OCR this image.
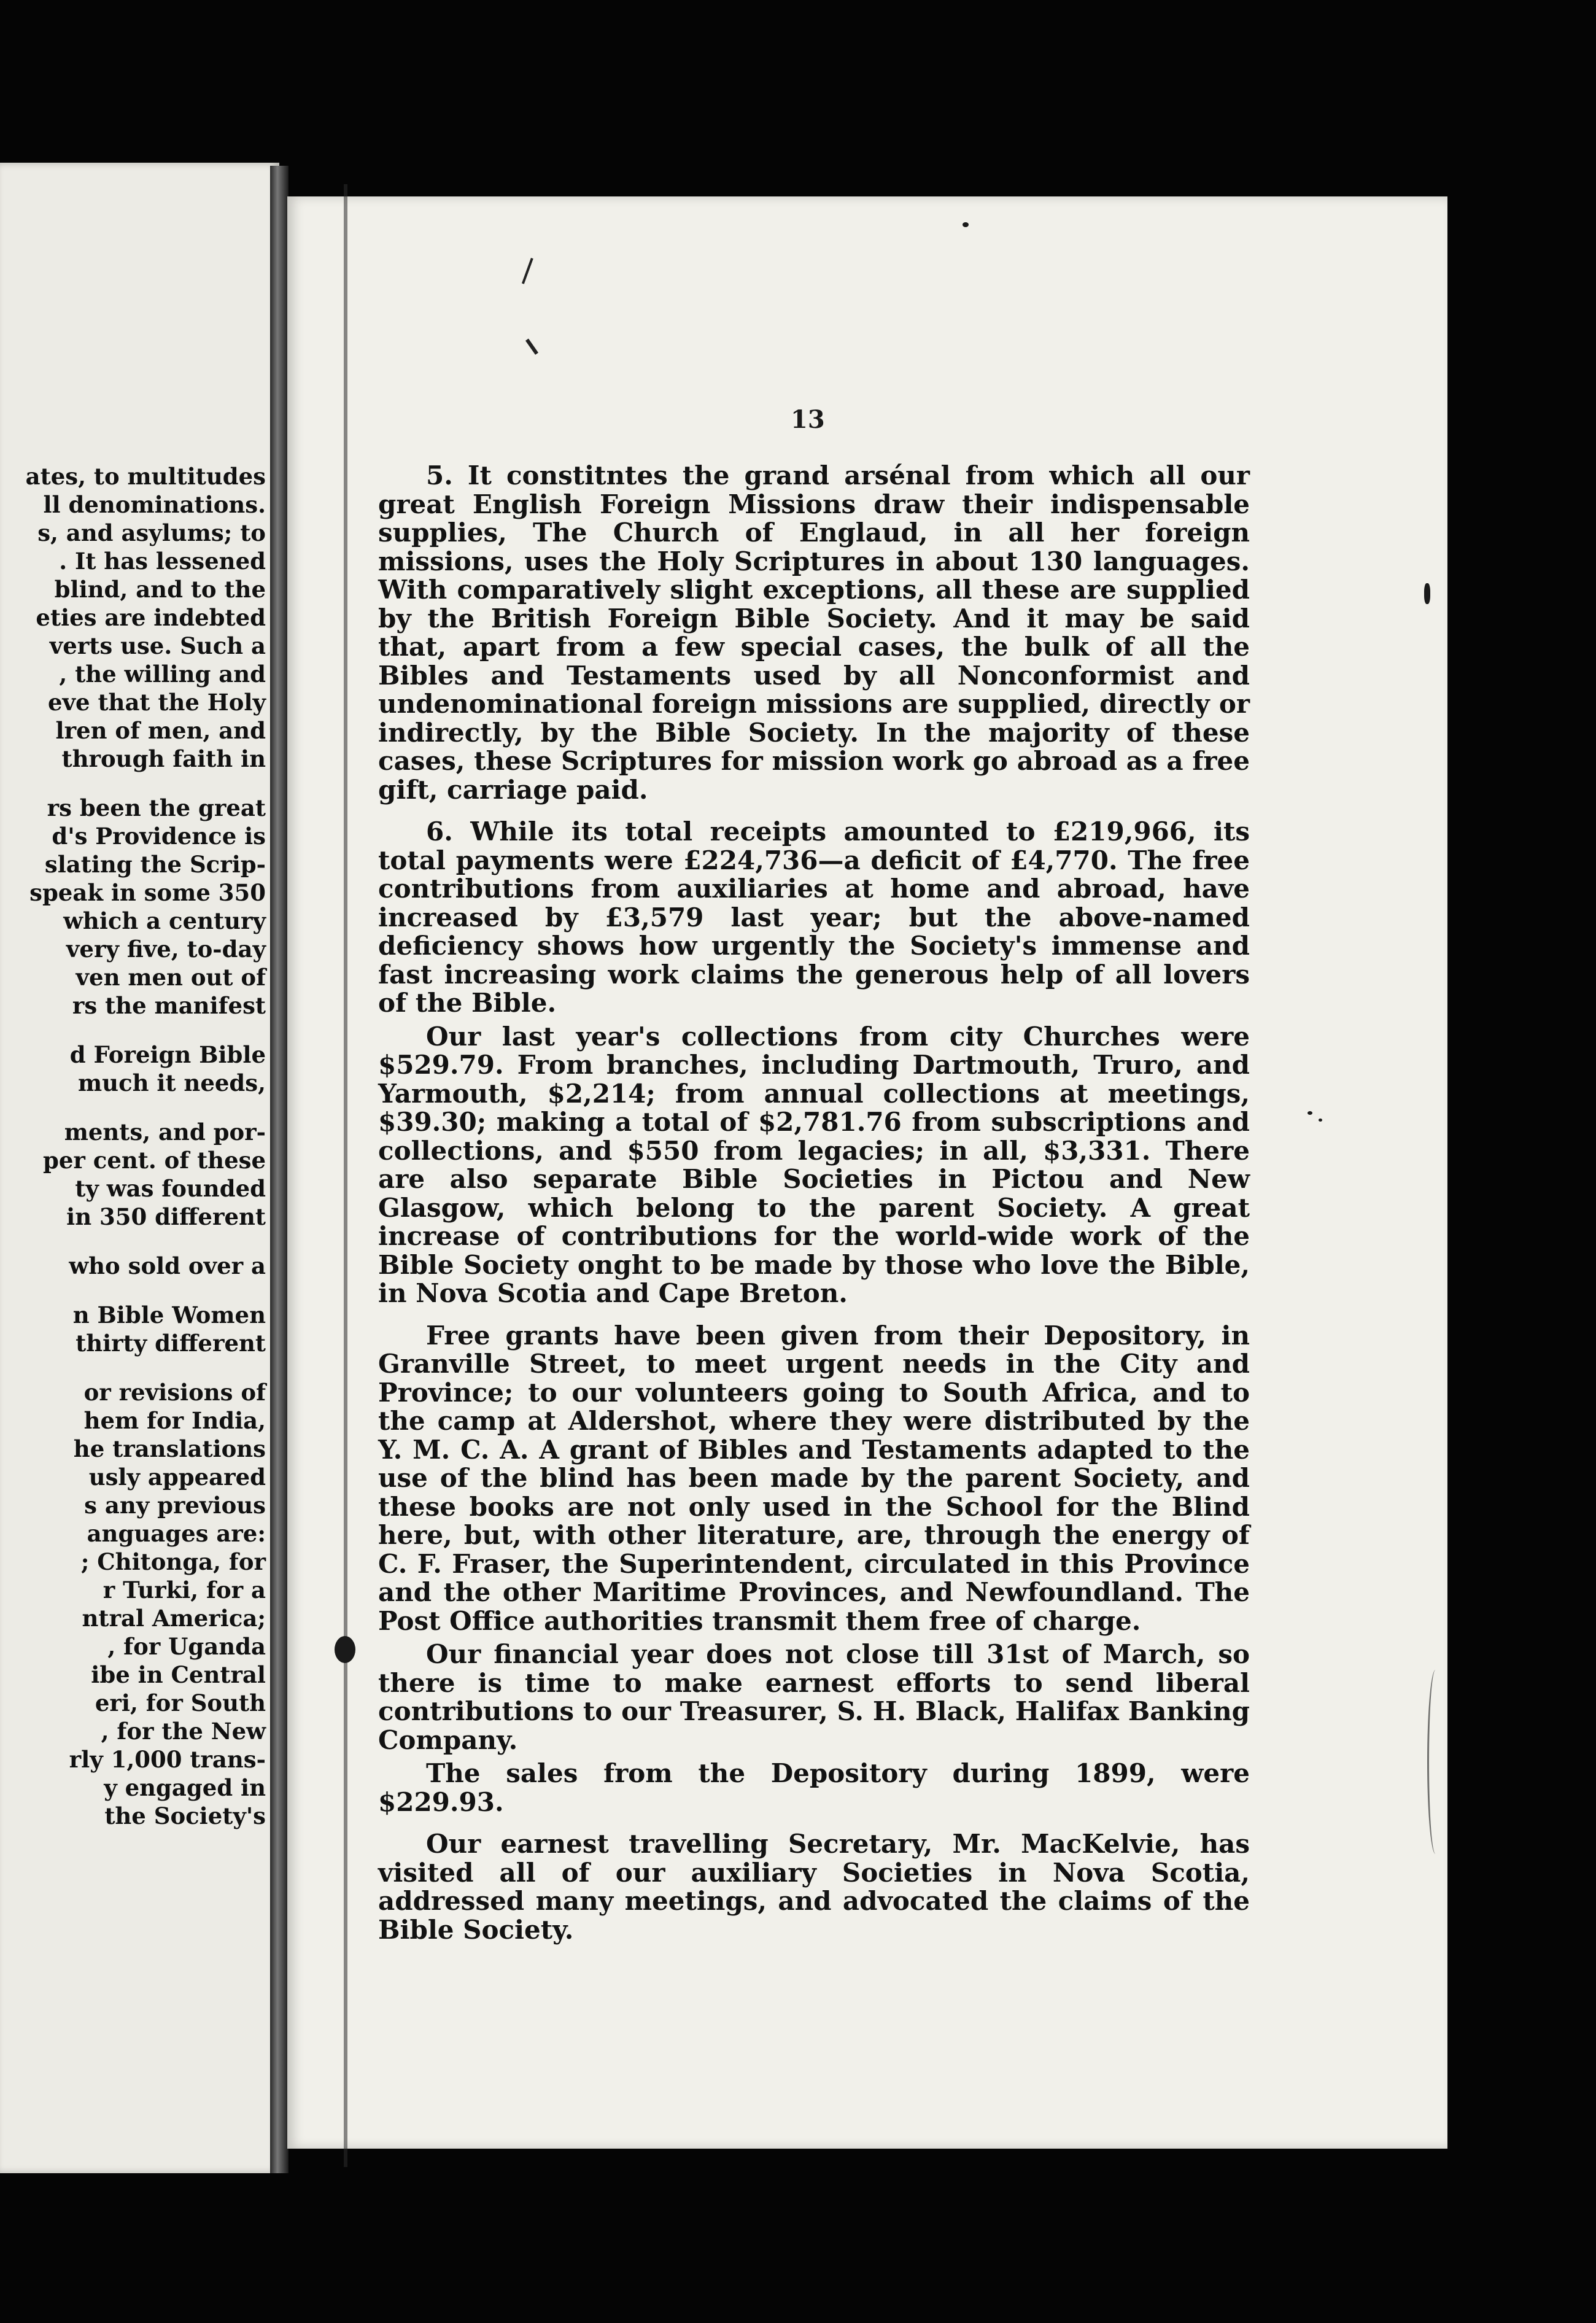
ates, to multitudes
ll denominations.
s, and asylums; to
. It has lessened
blind, and to the
eties are indebted
verts use. Such a
, the willing and
eve that the Holy
lren of men, and
through faith in
rs been the great
d's Providence is
slating the Scrip-
speak in some 350
which a century
very five, to-day
ven men out of
rs the manifest
d Foreign Bible
much it needs,
ments, and por-
per cent. of these
ty was founded
in 350 different
who sold over a
n Bible Women
thirty different
or revisions of
hem for India,
he translations
usly appeared
s any previous
anguages are:
; Chitonga, for
r Turki, for a
ntral America;
, for Uganda
ibe in Central
eri, for South
, for the New
rly 1,000 trans-
y engaged in
the Society's
13

5. It constitntes the grand arsénal from which all our great English Foreign Missions draw their indispensable supplies, The Church of Englaud, in all her foreign missions, uses the Holy Scriptures in about 130 languages. With comparatively slight exceptions, all these are supplied by the British Foreign Bible Society. And it may be said that, apart from a few special cases, the bulk of all the Bibles and Testaments used by all Nonconformist and undenominational foreign missions are supplied, directly or indirectly, by the Bible Society. In the majority of these cases, these Scriptures for mission work go abroad as a free gift, carriage paid.

6. While its total receipts amounted to £219,966, its total payments were £224,736—a deficit of £4,770. The free contributions from auxiliaries at home and abroad, have increased by £3,579 last year; but the above-named deficiency shows how urgently the Society's immense and fast increasing work claims the generous help of all lovers of the Bible.

Our last year's collections from city Churches were $529.79. From branches, including Dartmouth, Truro, and Yarmouth, $2,214; from annual collections at meetings, $39.30; making a total of $2,781.76 from subscriptions and collections, and $550 from legacies; in all, $3,331. There are also separate Bible Societies in Pictou and New Glasgow, which belong to the parent Society. A great increase of contributions for the world-wide work of the Bible Society onght to be made by those who love the Bible, in Nova Scotia and Cape Breton.

Free grants have been given from their Depository, in Granville Street, to meet urgent needs in the City and Province; to our volunteers going to South Africa, and to the camp at Aldershot, where they were distributed by the Y. M. C. A. A grant of Bibles and Testaments adapted to the use of the blind has been made by the parent Society, and these books are not only used in the School for the Blind here, but, with other literature, are, through the energy of C. F. Fraser, the Superintendent, circulated in this Province and the other Maritime Provinces, and Newfoundland. The Post Office authorities transmit them free of charge.

Our financial year does not close till 31st of March, so there is time to make earnest efforts to send liberal contributions to our Treasurer, S. H. Black, Halifax Banking Company.

The sales from the Depository during 1899, were $229.93.

Our earnest travelling Secretary, Mr. MacKelvie, has visited all of our auxiliary Societies in Nova Scotia, addressed many meetings, and advocated the claims of the Bible Society.
